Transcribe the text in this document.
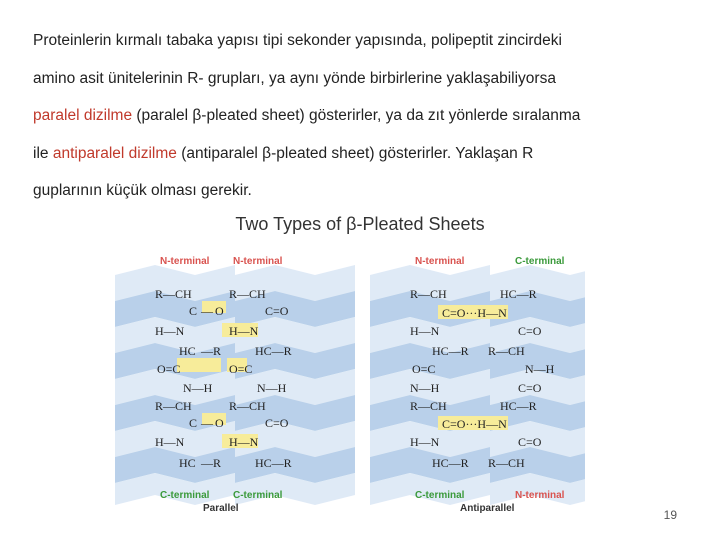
Proteinlerin kırmalı tabaka yapısı tipi sekonder yapısında, polipeptit zincirdeki
amino asit ünitelerinin R- grupları, ya aynı yönde birbirlerine yaklaşabiliyorsa
paralel dizilme (paralel β-pleated sheet) gösterirler, ya da zıt yönlerde sıralanma
ile antiparalel dizilme (antiparalel β-pleated sheet) gösterirler. Yaklaşan R
guplarının küçük olması gerekir.
Two Types of β-Pleated Sheets
R—CH
C — O
H—N
HC —R
O=C
N—H
R—CH
C — O
H—N
HC —R
R—CH
C=O
H—N
HC—R
O=C
N—H
R—CH
C=O
H—N
HC—R
N-terminal N-terminal
C-terminal C-terminal
Parallel
R—CH	HC—R
C=O···H—N
H—N	C=O
HC—R R—CH
O=C	N—H
N—H	C=O
R—CH	HC—R
C=O···H—N
H—N	C=O
HC—R R—CH
N-terminal	C-terminal
C-terminal	N-terminal
Antiparallel	19
